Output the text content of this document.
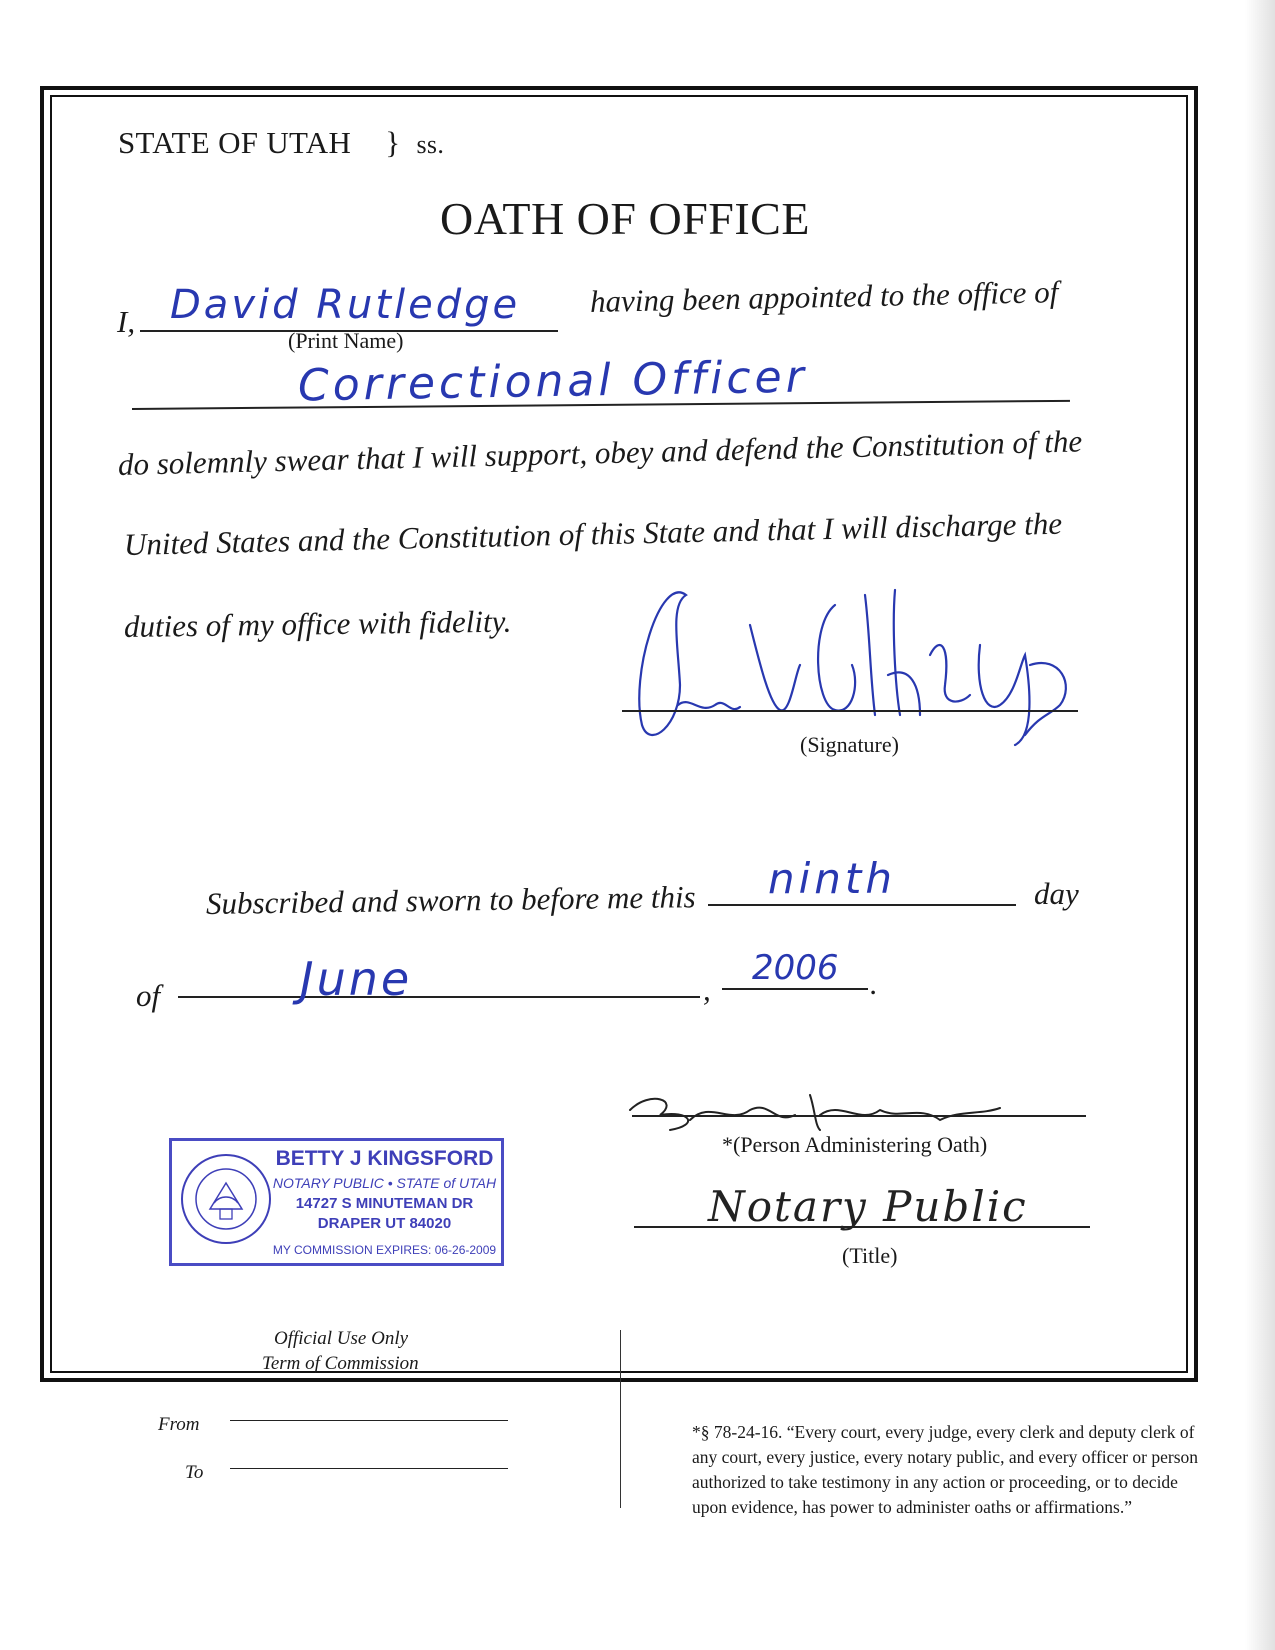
STATE OF UTAH } ss.
OATH OF OFFICE
I, David Rutledge
(Print Name)
having been appointed to the office of
Correctional Officer
do solemnly swear that I will support, obey and defend the Constitution of the
United States and the Constitution of this State and that I will discharge the
duties of my office with fidelity.
(Signature)
Subscribed and sworn to before me this ninth	day
of	June	,
2006 .
BETTY J KINGSFORD
NOTARY PUBLIC • STATE of UTAH
14727 S MINUTEMAN DR
DRAPER UT 84020
MY COMMISSION EXPIRES: 06-26-2009
*(Person Administering Oath)
Notary Public
(Title)
Official Use Only
Term of Commission
From
To
*§ 78-24-16. “Every court, every judge, every clerk and deputy clerk of any court, every justice, every notary public, and every officer or person authorized to take testimony in any action or proceeding, or to decide upon evidence, has power to administer oaths or affirmations.”
